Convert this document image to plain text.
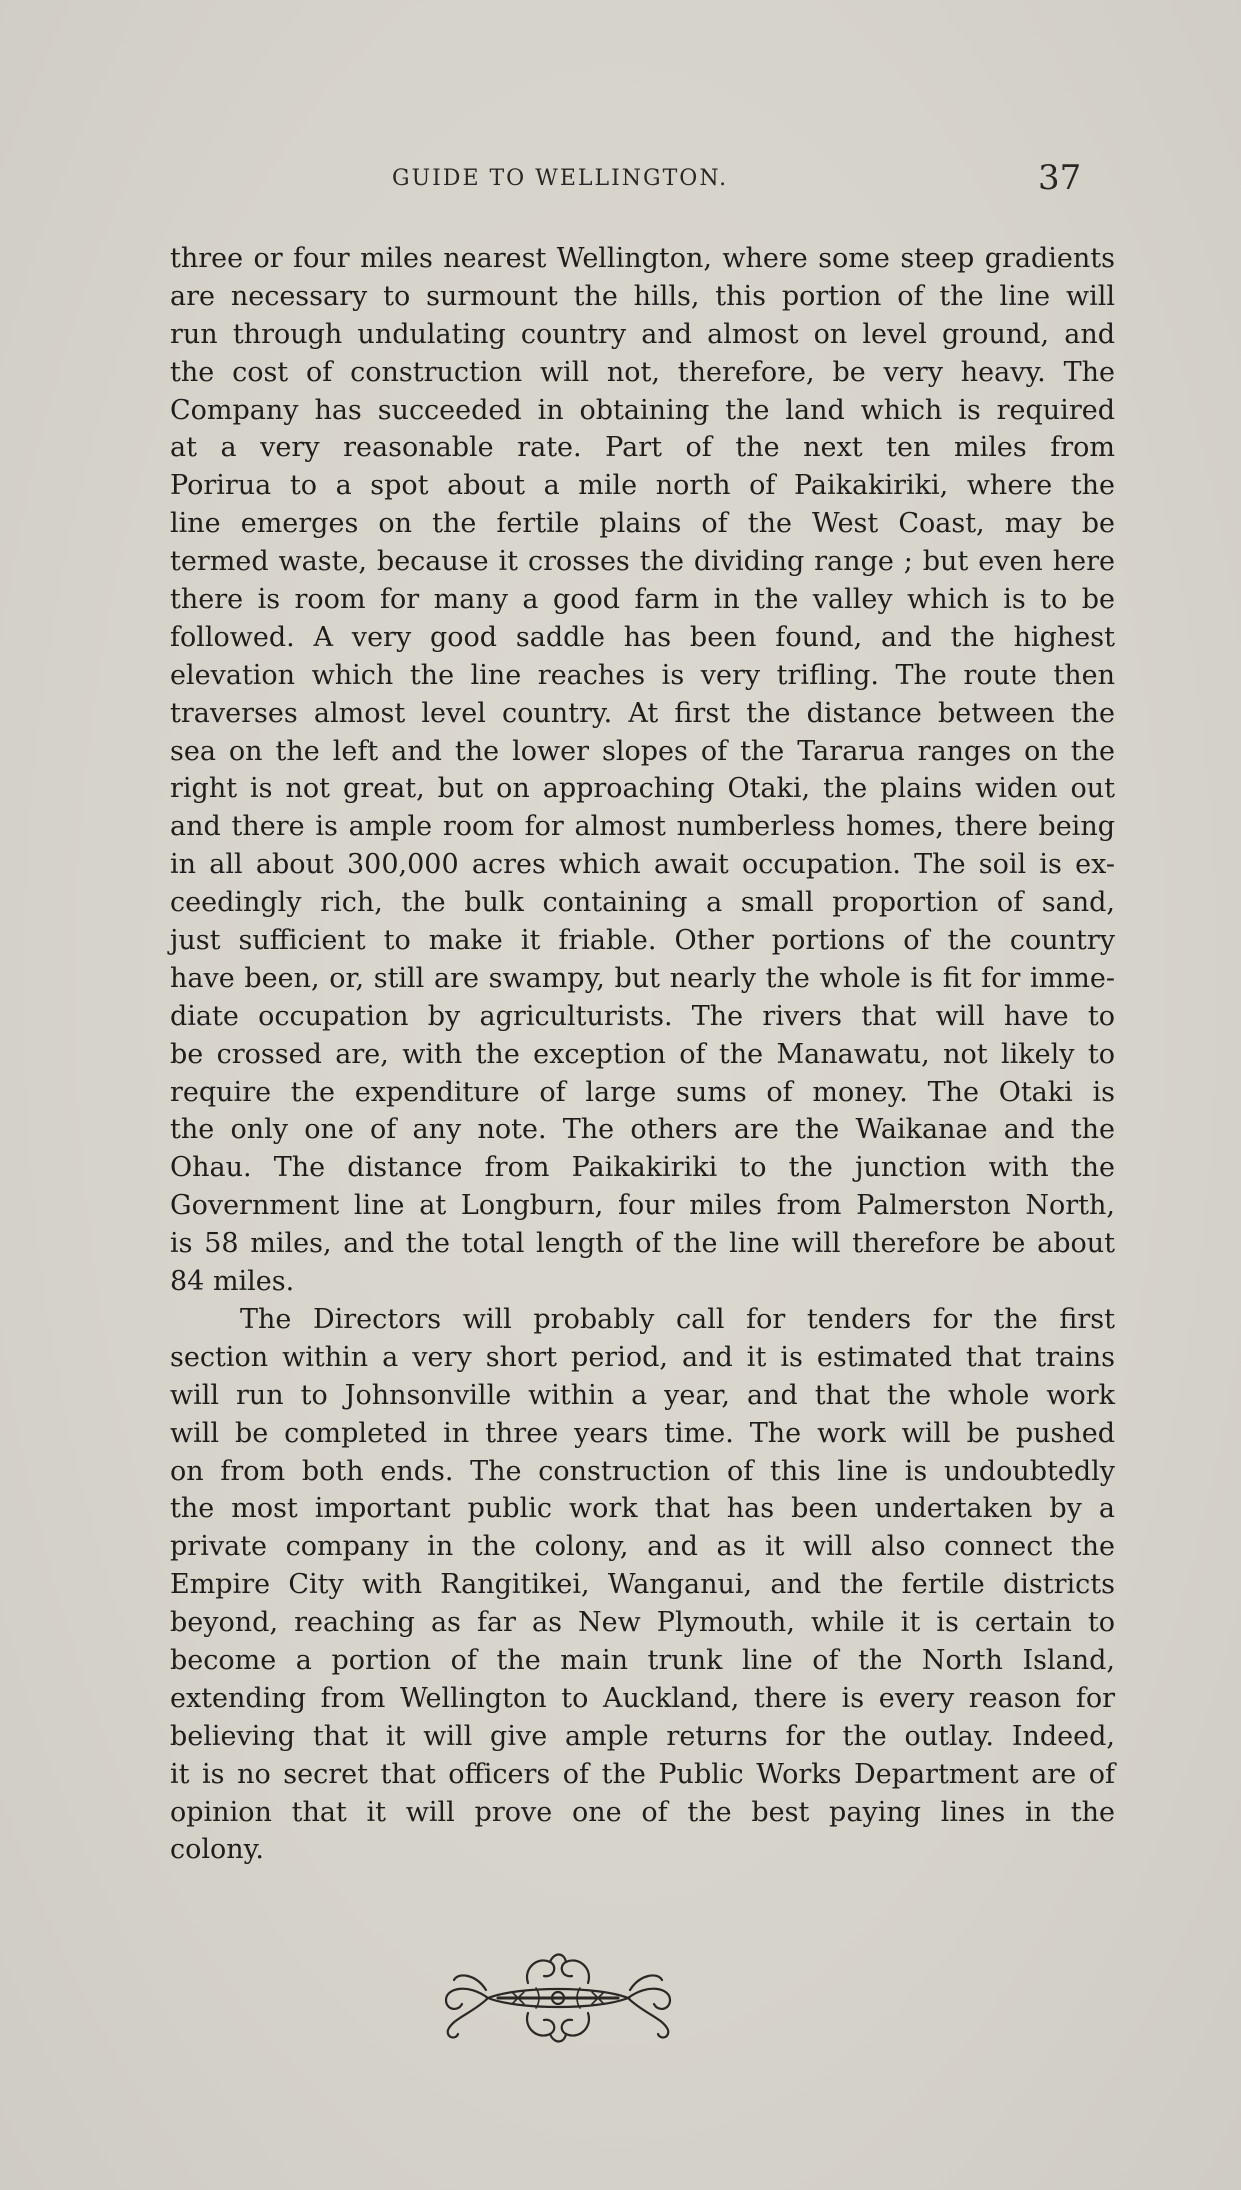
GUIDE TO WELLINGTON.	37
three or four miles nearest Wellington, where some steep gradients
are necessary to surmount the hills, this portion of the line will
run through undulating country and almost on level ground, and
the cost of construction will not, therefore, be very heavy. The
Company has succeeded in obtaining the land which is required
at a very reasonable rate. Part of the next ten miles from
Porirua to a spot about a mile north of Paikakiriki, where the
line emerges on the fertile plains of the West Coast, may be
termed waste, because it crosses the dividing range ; but even here
there is room for many a good farm in the valley which is to be
followed. A very good saddle has been found, and the highest
elevation which the line reaches is very trifling. The route then
traverses almost level country. At first the distance between the
sea on the left and the lower slopes of the Tararua ranges on the
right is not great, but on approaching Otaki, the plains widen out
and there is ample room for almost numberless homes, there being
in all about 300,000 acres which await occupation. The soil is ex-
ceedingly rich, the bulk containing a small proportion of sand,
just sufficient to make it friable. Other portions of the country
have been, or, still are swampy, but nearly the whole is fit for imme-
diate occupation by agriculturists. The rivers that will have to
be crossed are, with the exception of the Manawatu, not likely to
require the expenditure of large sums of money. The Otaki is
the only one of any note. The others are the Waikanae and the
Ohau. The distance from Paikakiriki to the junction with the
Government line at Longburn, four miles from Palmerston North,
is 58 miles, and the total length of the line will therefore be about
84 miles.
The Directors will probably call for tenders for the first
section within a very short period, and it is estimated that trains
will run to Johnsonville within a year, and that the whole work
will be completed in three years time. The work will be pushed
on from both ends. The construction of this line is undoubtedly
the most important public work that has been undertaken by a
private company in the colony, and as it will also connect the
Empire City with Rangitikei, Wanganui, and the fertile districts
beyond, reaching as far as New Plymouth, while it is certain to
become a portion of the main trunk line of the North Island,
extending from Wellington to Auckland, there is every reason for
believing that it will give ample returns for the outlay. Indeed,
it is no secret that officers of the Public Works Department are of
opinion that it will prove one of the best paying lines in the
colony.
